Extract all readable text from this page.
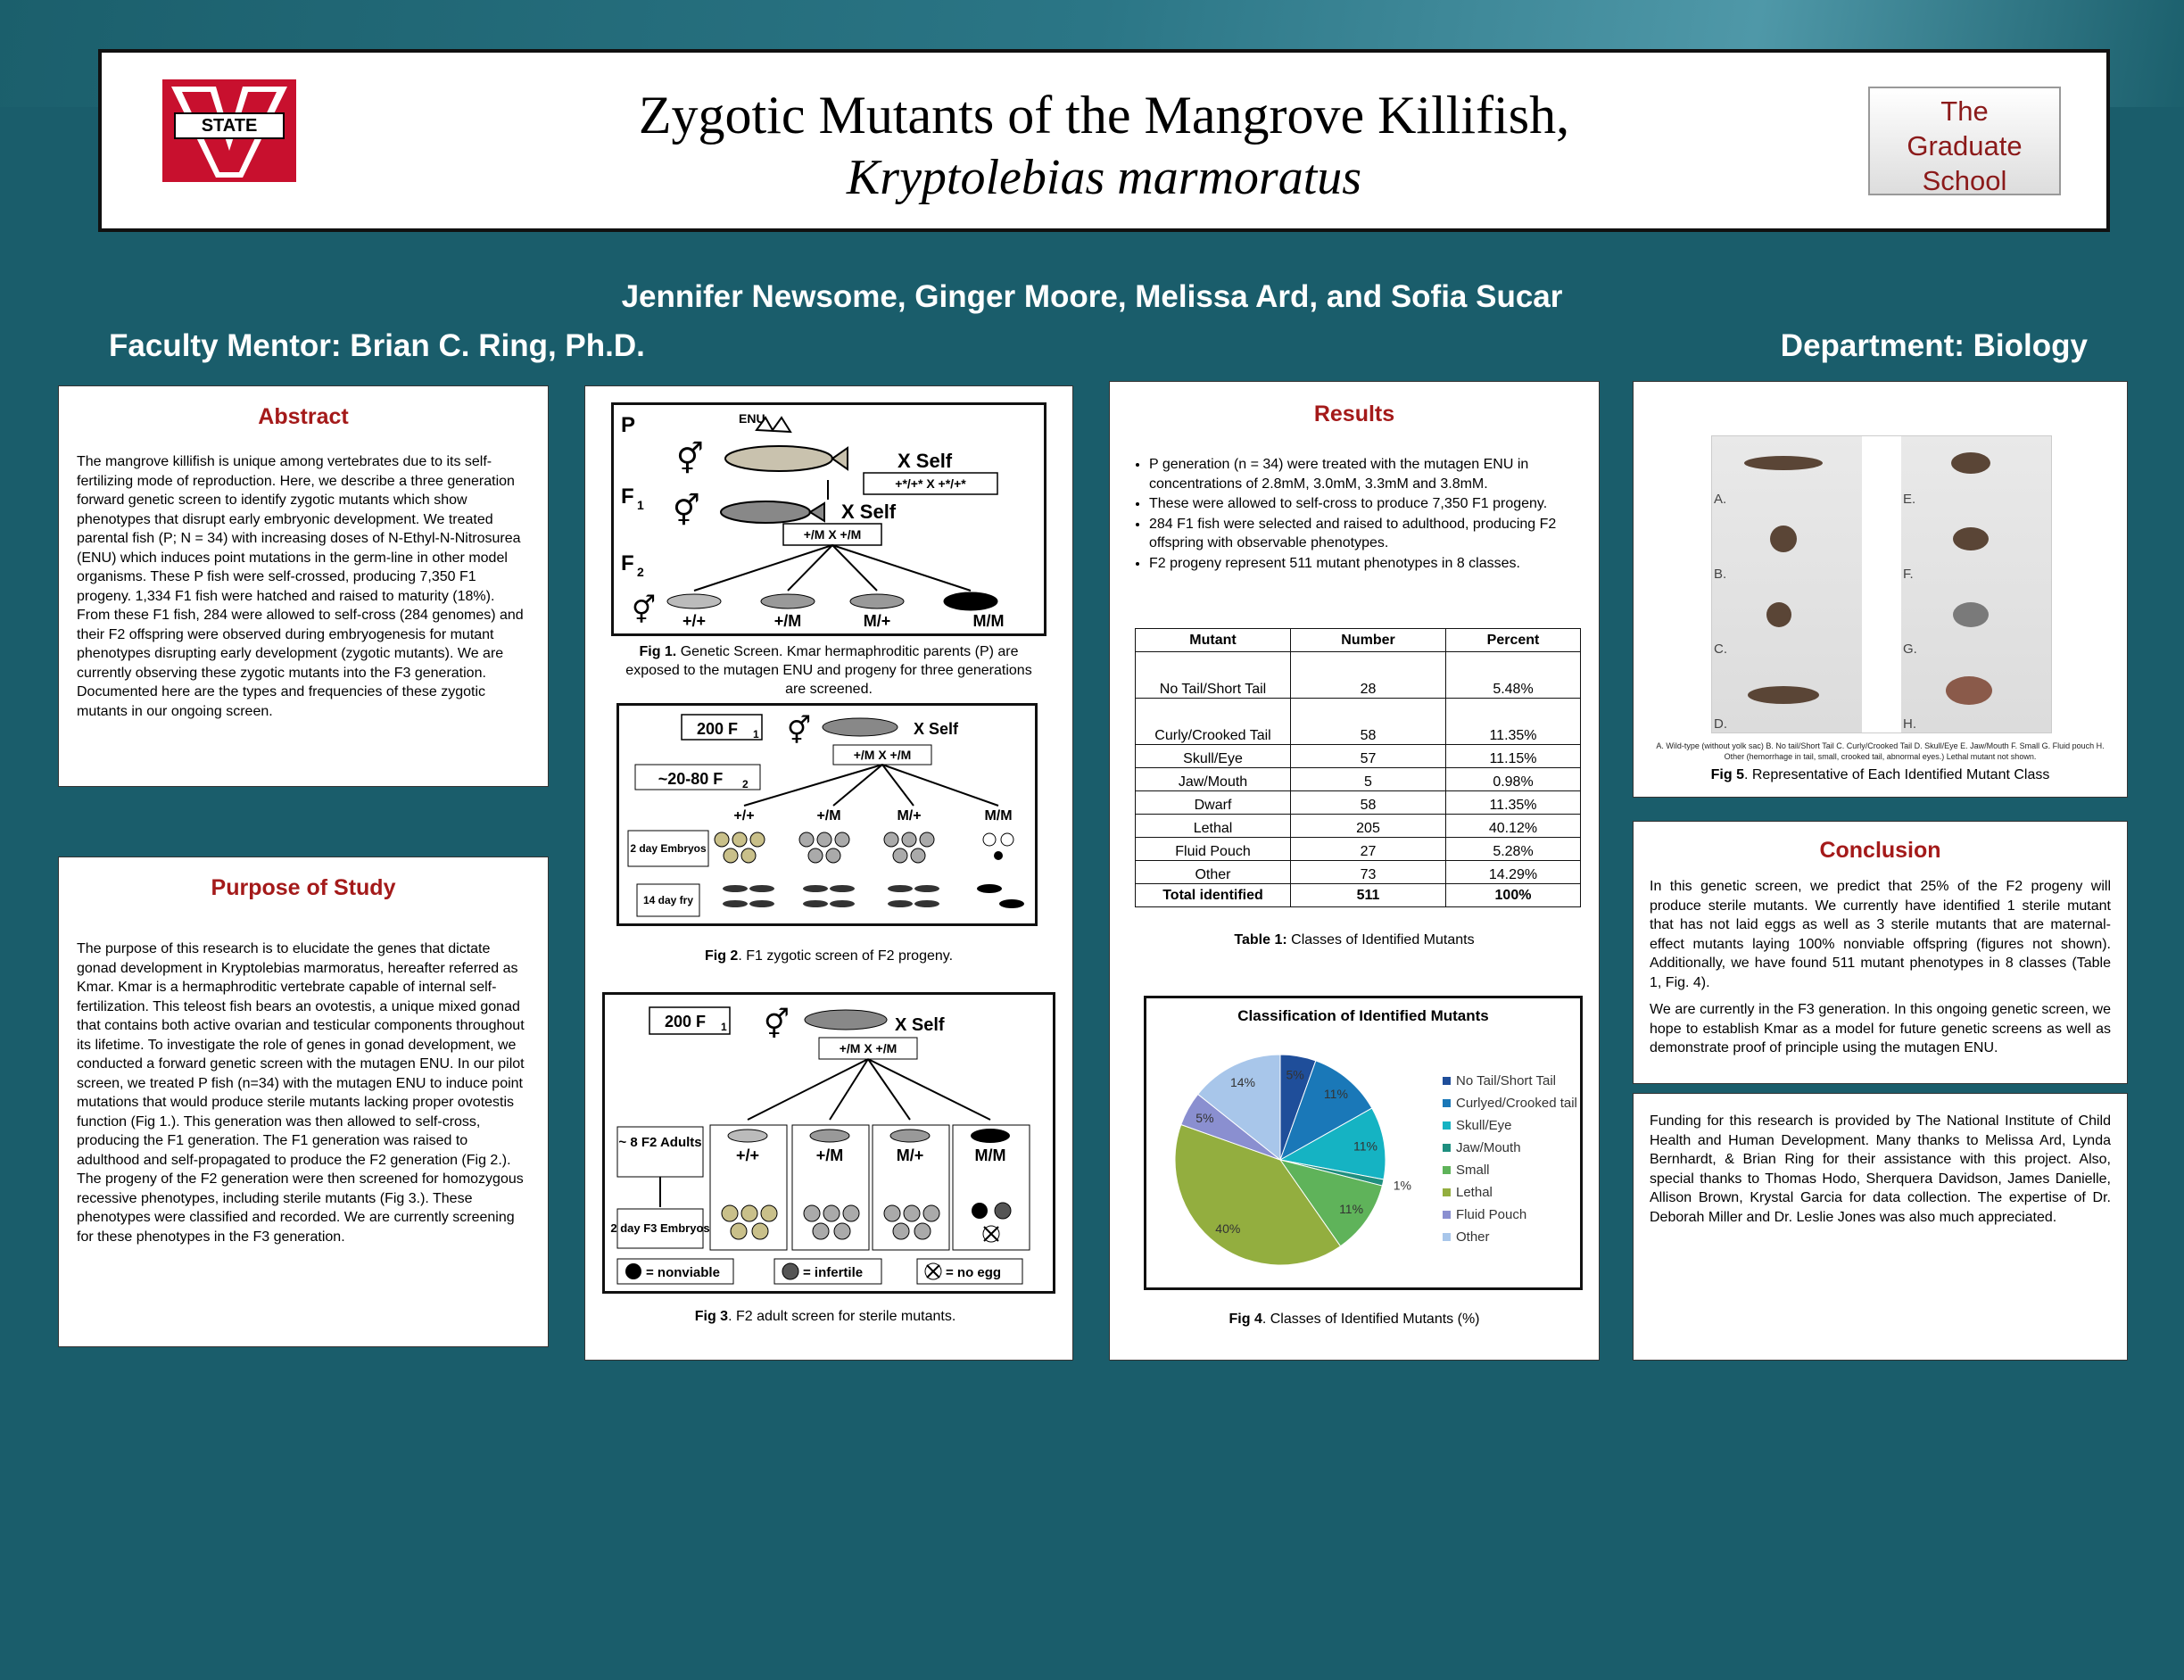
STATE	Zygotic Mutants of the Mangrove Killifish,
Kryptolebias marmoratus
The
Graduate
School
Jennifer Newsome, Ginger Moore, Melissa Ard, and Sofia Sucar
Faculty Mentor: Brian C. Ring, Ph.D.	Department: Biology
Abstract
The mangrove killifish is unique among vertebrates due to its self-fertilizing mode of reproduction. Here, we describe a three generation forward genetic screen to identify zygotic mutants which show phenotypes that disrupt early embryonic development. We treated parental fish (P; N = 34) with increasing doses of N-Ethyl-N-Nitrosurea (ENU) which induces point mutations in the germ-line in other model organisms. These P fish were self-crossed, producing 7,350 F1 progeny. 1,334 F1 fish were hatched and raised to maturity (18%). From these F1 fish, 284 were allowed to self-cross (284 genomes) and their F2 offspring were observed during embryogenesis for mutant phenotypes disrupting early development (zygotic mutants). We are currently observing these zygotic mutants into the F3 generation. Documented here are the types and frequencies of these zygotic mutants in our ongoing screen.
Purpose of Study
The purpose of this research is to elucidate the genes that dictate gonad development in Kryptolebias marmoratus, hereafter referred as Kmar. Kmar is a hermaphroditic vertebrate capable of internal self-fertilization. This teleost fish bears an ovotestis, a unique mixed gonad that contains both active ovarian and testicular components throughout its lifetime. To investigate the role of genes in gonad development, we conducted a forward genetic screen with the mutagen ENU. In our pilot screen, we treated P fish (n=34) with the mutagen ENU to induce point mutations that would produce sterile mutants lacking proper ovotestis function (Fig 1.). This generation was then allowed to self-cross, producing the F1 generation. The F1 generation was raised to adulthood and self-propagated to produce the F2 generation (Fig 2.). The progeny of the F2 generation were then screened for homozygous recessive phenotypes, including sterile mutants (Fig 3.). These phenotypes were classified and recorded. We are currently screening for these phenotypes in the F3 generation.
P
F 1
F 2
ENU
⚥	X Self
+*/+* X +*/+*
⚥	X Self
+/M X +/M
⚥ +/+	+/M	M/+	M/M
Fig 1. Genetic Screen. Kmar hermaphroditic parents (P) are exposed to the mutagen ENU and progeny for three generations are screened.
200 F 1 ⚥	X Self
+/M X +/M
~20-80 F 2
+/+	+/M	M/+	M/M
2 day Embryos
14 day fry
Fig 2. F1 zygotic screen of F2 progeny.
200 F 1 ⚥	X Self
+/M X +/M
~ 8 F2 Adults
2 day F3 Embryos
+/+	+/M	M/+	M/M
= nonviable	= infertile	= no egg
Fig 3. F2 adult screen for sterile mutants.
Results
• P generation (n = 34) were treated with the mutagen ENU in concentrations of 2.8mM, 3.0mM, 3.3mM and 3.8mM.
• These were allowed to self-cross to produce 7,350 F1 progeny.
• 284 F1 fish were selected and raised to adulthood, producing F2 offspring with observable phenotypes.
• F2 progeny represent 511 mutant phenotypes in 8 classes.
Mutant	Number	Percent
No Tail/Short Tail	28	5.48%
Curly/Crooked Tail	58	11.35%
Skull/Eye	57	11.15%
Jaw/Mouth	5	0.98%
Dwarf	58	11.35%
Lethal	205	40.12%
Fluid Pouch	27	5.28%
Other	73	14.29%
Total identified	511	100%
Table 1: Classes of Identified Mutants
Classification of Identified Mutants
5%
11%
11%
1%
11%
40%
5%
14%	No Tail/Short Tail
Curlyed/Crooked tail
Skull/Eye
Jaw/Mouth
Small
Lethal
Fluid Pouch
Other
Fig 4. Classes of Identified Mutants (%)
A.
B.
C.
D.
E.
F.
G.
H.
A. Wild-type (without yolk sac) B. No tail/Short Tail C. Curly/Crooked Tail D. Skull/Eye E. Jaw/Mouth F. Small G. Fluid pouch H. Other (hemorrhage in tail, small, crooked tail, abnormal eyes.) Lethal mutant not shown.
Fig 5. Representative of Each Identified Mutant Class
Conclusion
In this genetic screen, we predict that 25% of the F2 progeny will produce sterile mutants. We currently have identified 1 sterile mutant that has not laid eggs as well as 3 sterile mutants that are maternal-effect mutants laying 100% nonviable offspring (figures not shown). Additionally, we have found 511 mutant phenotypes in 8 classes (Table 1, Fig. 4).
We are currently in the F3 generation. In this ongoing genetic screen, we hope to establish Kmar as a model for future genetic screens as well as demonstrate proof of principle using the mutagen ENU.
Funding for this research is provided by The National Institute of Child Health and Human Development. Many thanks to Melissa Ard, Lynda Bernhardt, & Brian Ring for their assistance with this project. Also, special thanks to Thomas Hodo, Sherquera Davidson, James Danielle, Allison Brown, Krystal Garcia for data collection. The expertise of Dr. Deborah Miller and Dr. Leslie Jones was also much appreciated.
